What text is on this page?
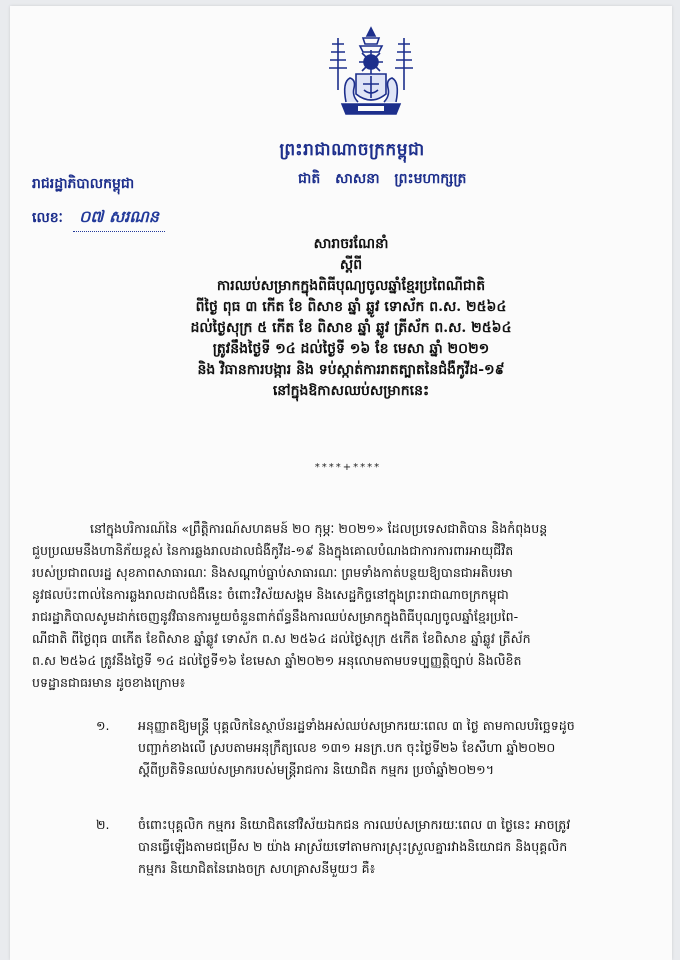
ព្រះរាជាណាចក្រកម្ពុជា
ជាតិ សាសនា ព្រះមហាក្សត្រ
រាជរដ្ឋាភិបាលកម្ពុជា
លេខៈ	០៧ សរណន
សារាចរណែនាំ
ស្តីពី
ការឈប់សម្រាកក្នុងពិធីបុណ្យចូលឆ្នាំខ្មែរប្រពៃណីជាតិ
ពីថ្ងៃ ពុធ ៣ កើត ខែ ពិសាខ ឆ្នាំ ឆ្លូវ ទោស័ក ព.ស. ២៥៦៤
ដល់ថ្ងៃសុក្រ ៥ កើត ខែ ពិសាខ ឆ្នាំ ឆ្លូវ ត្រីស័ក ព.ស. ២៥៦៤
ត្រូវនឹងថ្ងៃទី ១៤ ដល់ថ្ងៃទី ១៦ ខែ មេសា ឆ្នាំ ២០២១
និង វិធានការបង្ការ និង ទប់ស្កាត់ការរាតត្បាតនៃជំងឺកូវីដ-១៩
នៅក្នុងឱកាសឈប់សម្រាកនេះ
****+****
នៅក្នុងបរិការណ៍នៃ «ព្រឹត្តិការណ៍សហគមន៍ ២០ កុម្ភៈ ២០២១» ដែលប្រទេសជាតិបាន និងកំពុងបន្ត
ជួបប្រឈមនឹងហានិភ័យខ្ពស់ នៃការឆ្លងរាលដាលជំងឺកូវីដ-១៩ និងក្នុងគោលបំណងជាការការពារអាយុជីវិត
របស់ប្រជាពលរដ្ឋ សុខភាពសាធារណៈ និងសណ្តាប់ធ្នាប់សាធារណៈ ព្រមទាំងកាត់បន្ថយឱ្យបានជាអតិបរមា
នូវផលប៉ះពាល់នៃការឆ្លងរាលដាលជំងឺនេះ ចំពោះវិស័យសង្គម និងសេដ្ឋកិច្ចនៅក្នុងព្រះរាជាណាចក្រកម្ពុជា
រាជរដ្ឋាភិបាលសូមដាក់ចេញនូវវិធានការមួយចំនួនពាក់ព័ន្ធនឹងការឈប់សម្រាកក្នុងពិធីបុណ្យចូលឆ្នាំខ្មែរប្រពៃ-
ណីជាតិ ពីថ្ងៃពុធ ៣កើត ខែពិសាខ ឆ្នាំឆ្លូវ ទោស័ក ព.ស ២៥៦៤ ដល់ថ្ងៃសុក្រ ៥កើត ខែពិសាខ ឆ្នាំឆ្លូវ ត្រីស័ក
ព.ស ២៥៦៤ ត្រូវនឹងថ្ងៃទី ១៤ ដល់ថ្ងៃទី១៦ ខែមេសា ឆ្នាំ២០២១ អនុលោមតាមបទប្បញ្ញត្តិច្បាប់ និងលិខិត
បទដ្ឋានជាធរមាន ដូចខាងក្រោម៖
១. អនុញ្ញាតឱ្យមន្ត្រី បុគ្គលិកនៃស្ថាប័នរដ្ឋទាំងអស់ឈប់សម្រាករយៈពេល ៣ ថ្ងៃ តាមកាលបរិច្ឆេទដូច
បញ្ជាក់ខាងលើ ស្របតាមអនុក្រឹត្យលេខ ១៣១ អនក្រ.បក ចុះថ្ងៃទី២៦ ខែសីហា ឆ្នាំ២០២០
ស្តីពីប្រតិទិនឈប់សម្រាករបស់មន្ត្រីរាជការ និយោជិត កម្មករ ប្រចាំឆ្នាំ២០២១។
២. ចំពោះបុគ្គលិក កម្មករ និយោជិតនៅវិស័យឯកជន ការឈប់សម្រាករយៈពេល ៣ ថ្ងៃនេះ អាចត្រូវ
បានធ្វើឡើងតាមជម្រើស ២ យ៉ាង អាស្រ័យទៅតាមការស្រុះស្រួលគ្នារវាងនិយោជក និងបុគ្គលិក
កម្មករ និយោជិតនៃរោងចក្រ សហគ្រាសនីមួយៗ គឺ៖
